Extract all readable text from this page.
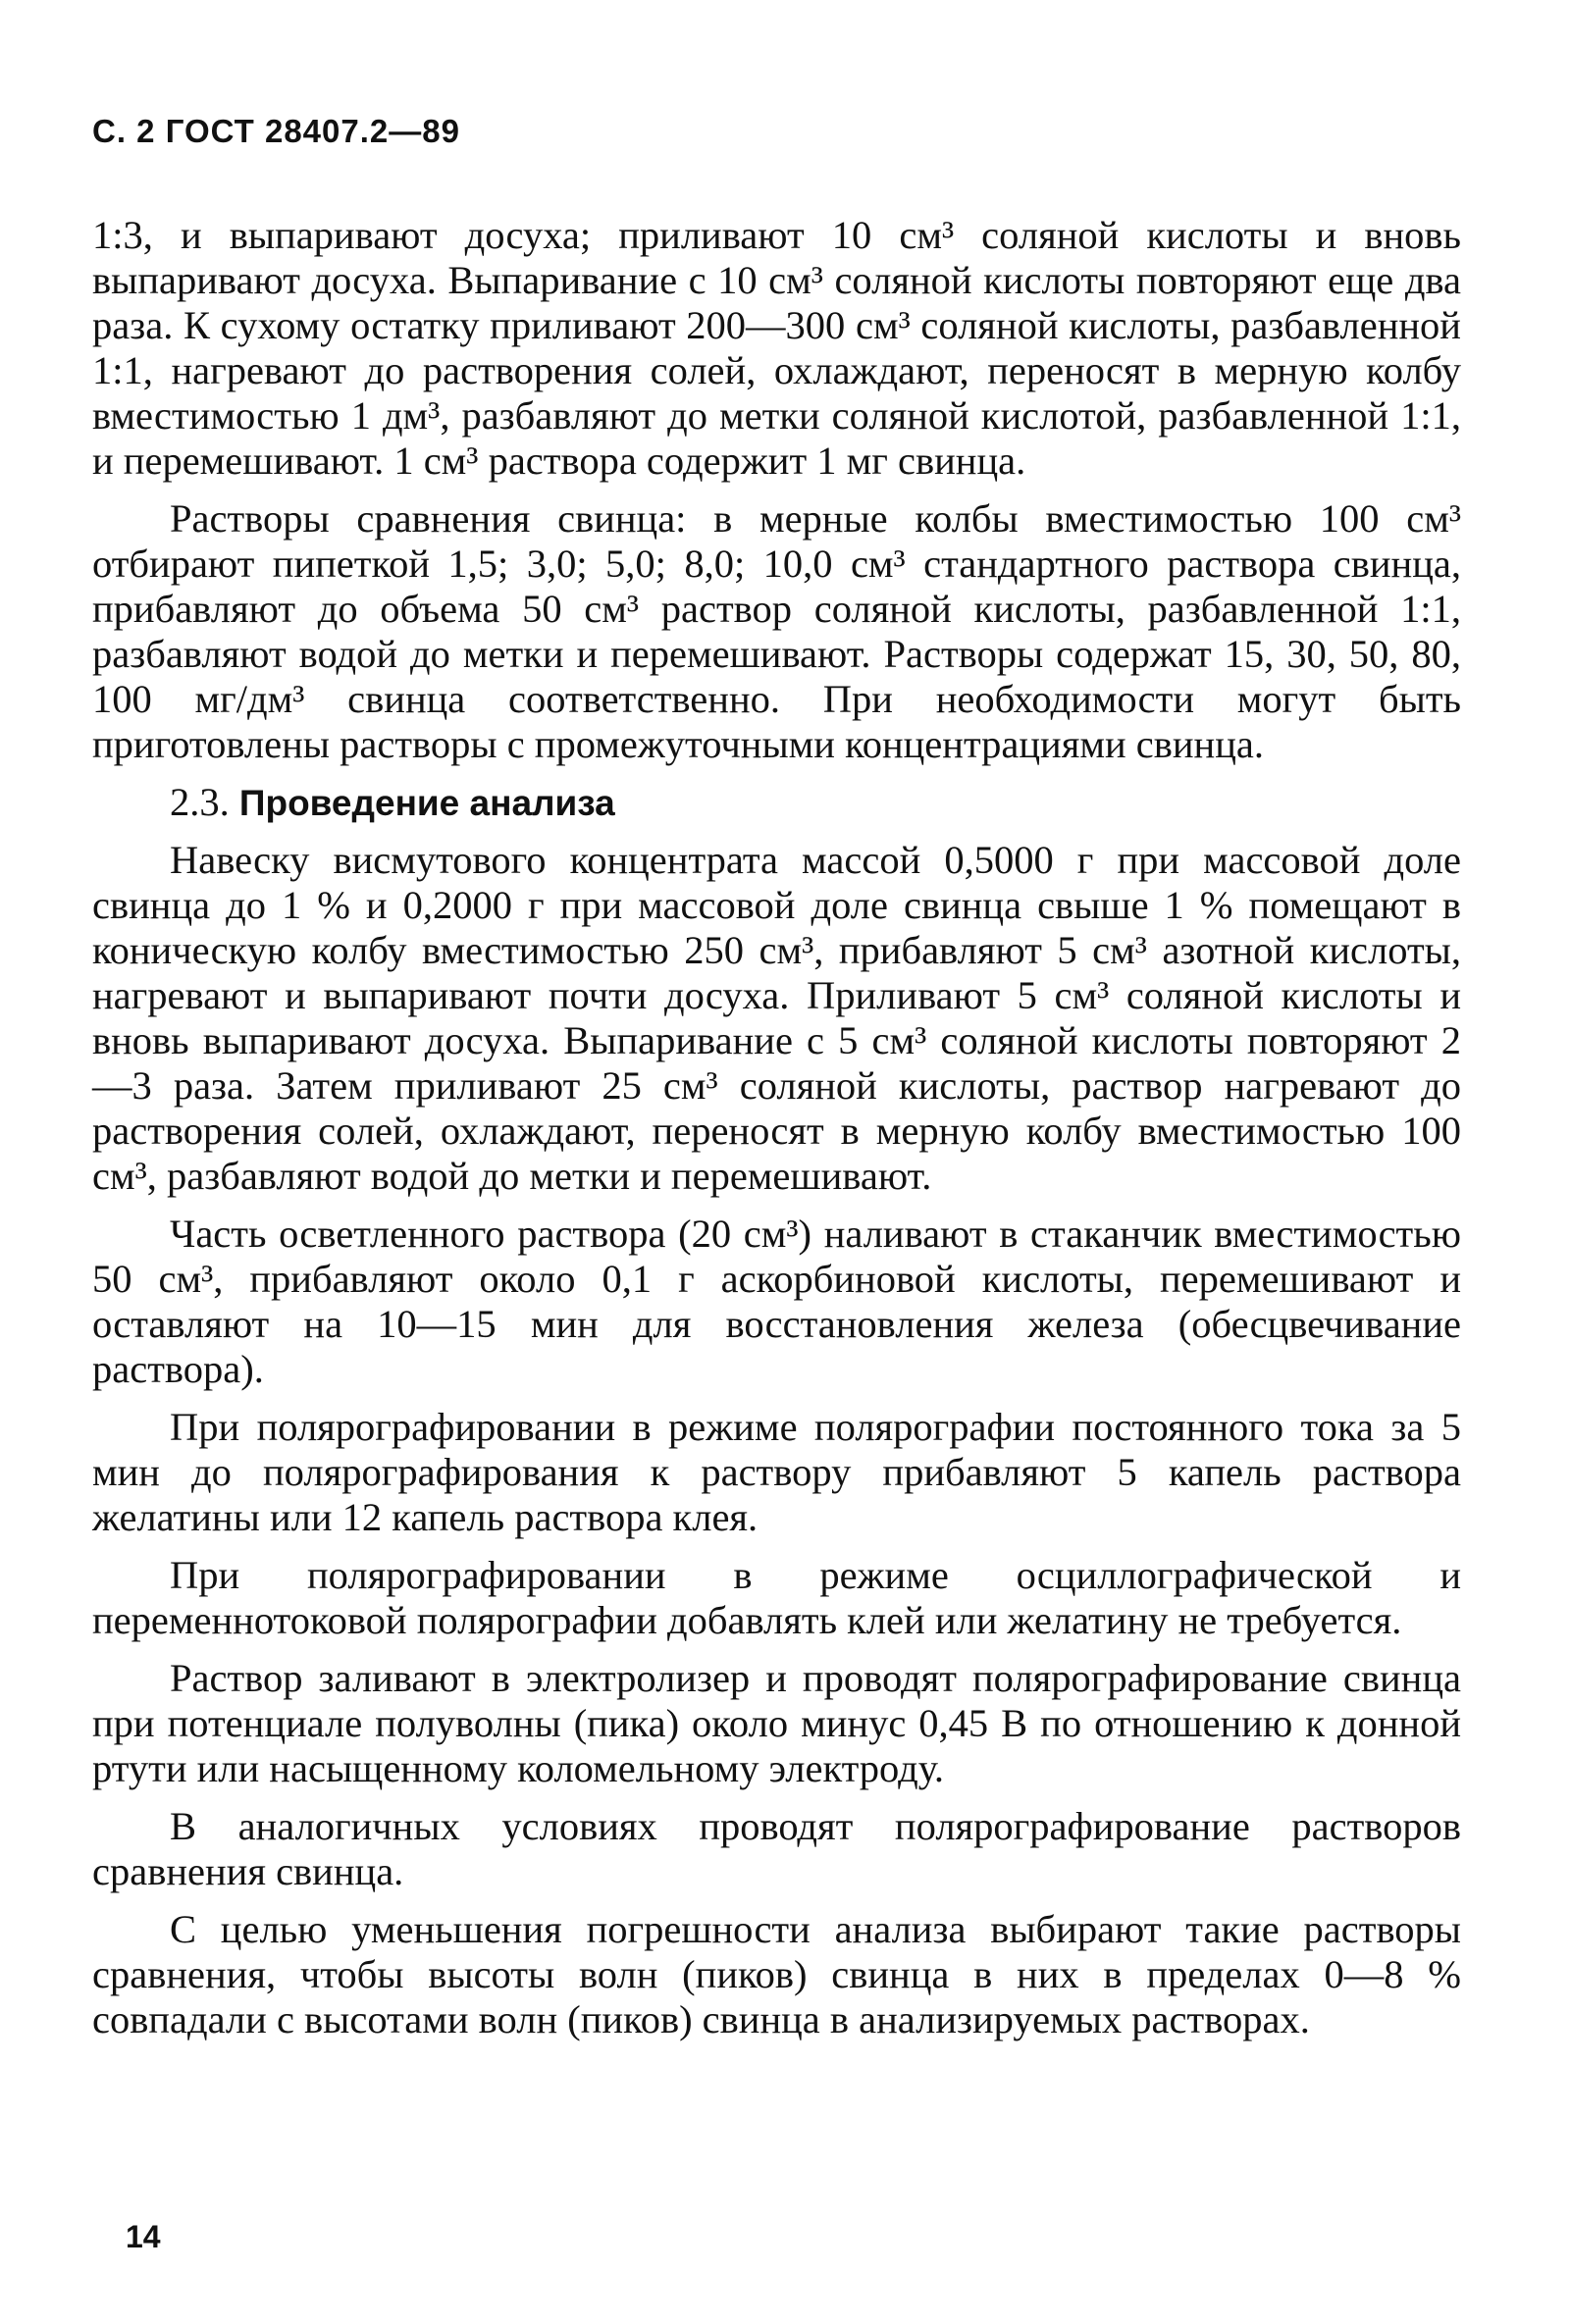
С. 2 ГОСТ 28407.2—89

1:3, и выпаривают досуха; приливают 10 см³ соляной кислоты и вновь выпаривают досуха. Выпаривание с 10 см³ соляной кислоты повторяют еще два раза. К сухому остатку приливают 200—300 см³ соляной кислоты, разбавленной 1:1, нагревают до растворения солей, охлаждают, переносят в мерную колбу вместимостью 1 дм³, разбавляют до метки соляной кислотой, разбавленной 1:1, и перемешивают. 1 см³ раствора содержит 1 мг свинца.

Растворы сравнения свинца: в мерные колбы вместимостью 100 см³ отбирают пипеткой 1,5; 3,0; 5,0; 8,0; 10,0 см³ стандартного раствора свинца, прибавляют до объема 50 см³ раствор соляной кислоты, разбавленной 1:1, разбавляют водой до метки и перемешивают. Растворы содержат 15, 30, 50, 80, 100 мг/дм³ свинца соответственно. При необходимости могут быть приготовлены растворы с промежуточными концентрациями свинца.

2.3. Проведение анализа

Навеску висмутового концентрата массой 0,5000 г при массовой доле свинца до 1 % и 0,2000 г при массовой доле свинца свыше 1 % помещают в коническую колбу вместимостью 250 см³, прибавляют 5 см³ азотной кислоты, нагревают и выпаривают почти досуха. Приливают 5 см³ соляной кислоты и вновь выпаривают досуха. Выпаривание с 5 см³ соляной кислоты повторяют 2—3 раза. Затем приливают 25 см³ соляной кислоты, раствор нагревают до растворения солей, охлаждают, переносят в мерную колбу вместимостью 100 см³, разбавляют водой до метки и перемешивают.

Часть осветленного раствора (20 см³) наливают в стаканчик вместимостью 50 см³, прибавляют около 0,1 г аскорбиновой кислоты, перемешивают и оставляют на 10—15 мин для восстановления железа (обесцвечивание раствора).

При полярографировании в режиме полярографии постоянного тока за 5 мин до полярографирования к раствору прибавляют 5 капель раствора желатины или 12 капель раствора клея.

При полярографировании в режиме осциллографической и переменнотоковой полярографии добавлять клей или желатину не требуется.

Раствор заливают в электролизер и проводят полярографирование свинца при потенциале полуволны (пика) около минус 0,45 В по отношению к донной ртути или насыщенному коломельному электроду.

В аналогичных условиях проводят полярографирование растворов сравнения свинца.

С целью уменьшения погрешности анализа выбирают такие растворы сравнения, чтобы высоты волн (пиков) свинца в них в пределах 0—8 % совпадали с высотами волн (пиков) свинца в анализируемых растворах.

14
